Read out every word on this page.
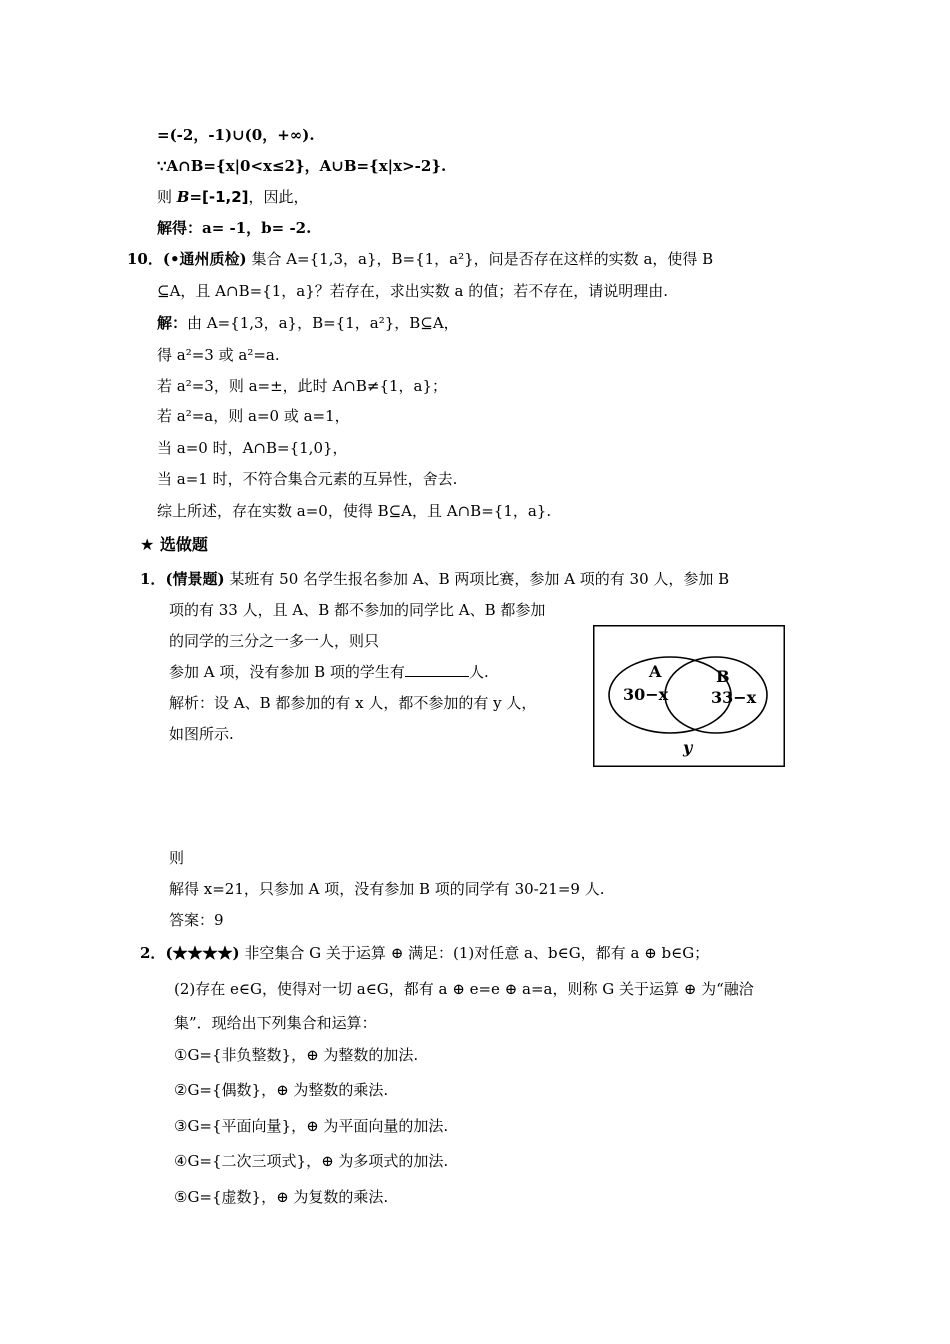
=(-2，-1)∪(0，+∞).
∵A∩B={x|0<x≤2}，A∪B={x|x>-2}.
则 B=[-1,2]，因此，
解得：a= -1，b= -2.
10．(•通州质检) 集合 A={1,3，a}，B={1，a²}，问是否存在这样的实数 a，使得 B
⊆A，且 A∩B={1，a}？若存在，求出实数 a 的值；若不存在，请说明理由.
解：由 A={1,3，a}，B={1，a²}，B⊆A，
得 a²=3 或 a²=a.
若 a²=3，则 a=±，此时 A∩B≠{1，a}；
若 a²=a，则 a=0 或 a=1，
当 a=0 时，A∩B={1,0}，
当 a=1 时，不符合集合元素的互异性，舍去.
综上所述，存在实数 a=0，使得 B⊆A，且 A∩B={1，a}.
★ 选做题
1．(情景题) 某班有 50 名学生报名参加 A、B 两项比赛，参加 A 项的有 30 人，参加 B
项的有 33 人，且 A、B 都不参加的同学比 A、B 都参加
的同学的三分之一多一人，则只
参加 A 项，没有参加 B 项的学生有	人.
解析：设 A、B 都参加的有 x 人，都不参加的有 y 人，
如图所示.
A
30−x
B
33−x
y
则
解得 x=21，只参加 A 项，没有参加 B 项的同学有 30-21=9 人.
答案：9
2．(★★★★) 非空集合 G 关于运算 ⊕ 满足：(1)对任意 a、b∈G，都有 a ⊕ b∈G；
(2)存在 e∈G，使得对一切 a∈G，都有 a ⊕ e=e ⊕ a=a，则称 G 关于运算 ⊕ 为“融洽
集”．现给出下列集合和运算：
①G={非负整数}，⊕ 为整数的加法.
②G={偶数}，⊕ 为整数的乘法.
③G={平面向量}，⊕ 为平面向量的加法.
④G={二次三项式}，⊕ 为多项式的加法.
⑤G={虚数}，⊕ 为复数的乘法.
